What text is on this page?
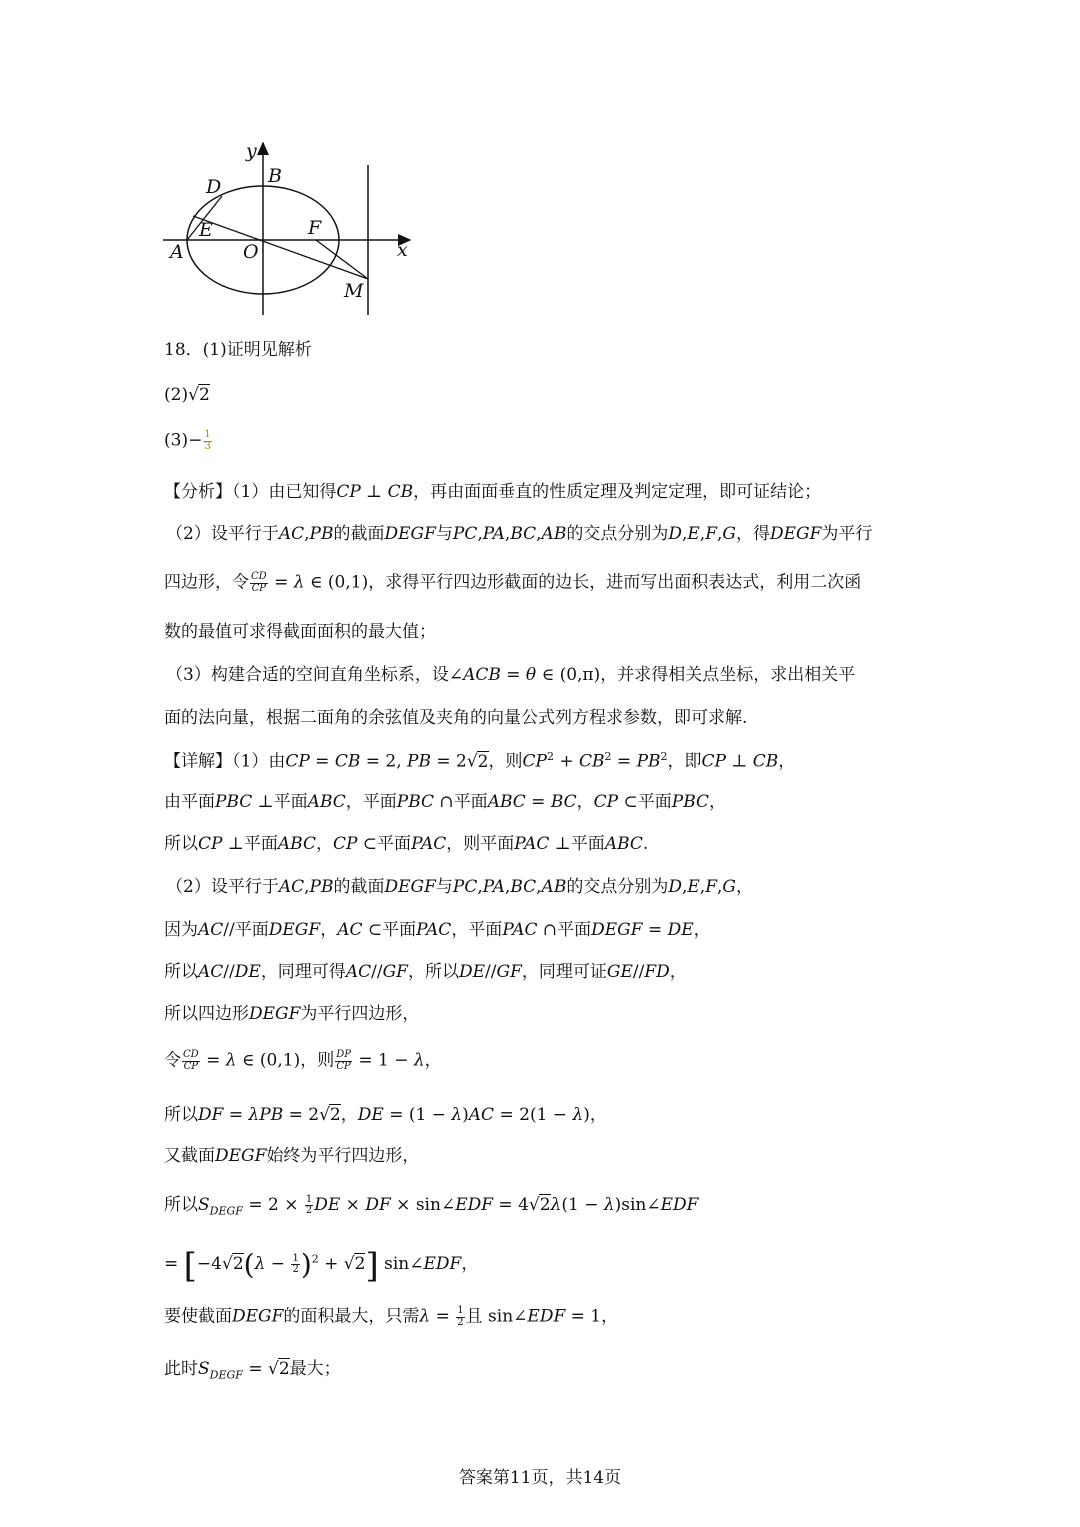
y
B
D
E	F
A	O	x
M
18．(1)证明见解析
(2)√2
$(3)- \frac{1}{3}$
【分析】（1）由已知得CP ⊥ CB，再由面面垂直的性质定理及判定定理，即可证结论；
（2）设平行于AC,PB的截面DEGF与PC,PA,BC,AB的交点分别为D,E,F,G，得DEGF为平行
四边形，令 $\frac{CD}{CP} = \lambda$ ∈ (0,1)，求得平行四边形截面的边长，进而写出面积表达式，利用二次函
数的最值可求得截面面积的最大值；
（3）构建合适的空间直角坐标系，设∠ACB = θ ∈ (0,π)，并求得相关点坐标，求出相关平
面的法向量，根据二面角的余弦值及夹角的向量公式列方程求参数，即可求解.
【详解】（1）由CP = CB = 2, PB = 2√2，则$CP^2 + CB^2 = PB^2$，即CP ⊥ CB，
由平面PBC ⊥平面ABC，平面PBC ∩平面ABC = BC，CP ⊂平面PBC，
所以CP ⊥平面ABC，CP ⊂平面PAC，则平面PAC ⊥平面ABC.
（2）设平行于AC,PB的截面DEGF与PC,PA,BC,AB的交点分别为D,E,F,G，
因为AC//平面DEGF，AC ⊂平面PAC，平面PAC ∩平面DEGF = DE，
所以AC//DE，同理可得AC//GF，所以DE//GF，同理可证GE//FD，
所以四边形DEGF为平行四边形，
令 $\frac{CD}{CP} = \lambda$ ∈ (0,1)，则 $\frac{DP}{CP} = 1 - \lambda$，
所以DF = λPB = 2√2，DE = (1 − λ)AC = 2(1 − λ)，
又截面DEGF始终为平行四边形，
所以$S_{DEGF} = 2 \times \frac{1}{2}$ DE × DF × sin∠EDF = 4√2λ(1 − λ)sin∠EDF
= $[-4√2(\lambda - \frac{1}{2} )^2 + √2]$ sin∠EDF，
要使截面DEGF的面积最大，只需$\lambda = \frac{1}{2}$ 且 sin∠EDF = 1，
此时$S_{DEGF} = √2$最大；
答案第11页，共14页
